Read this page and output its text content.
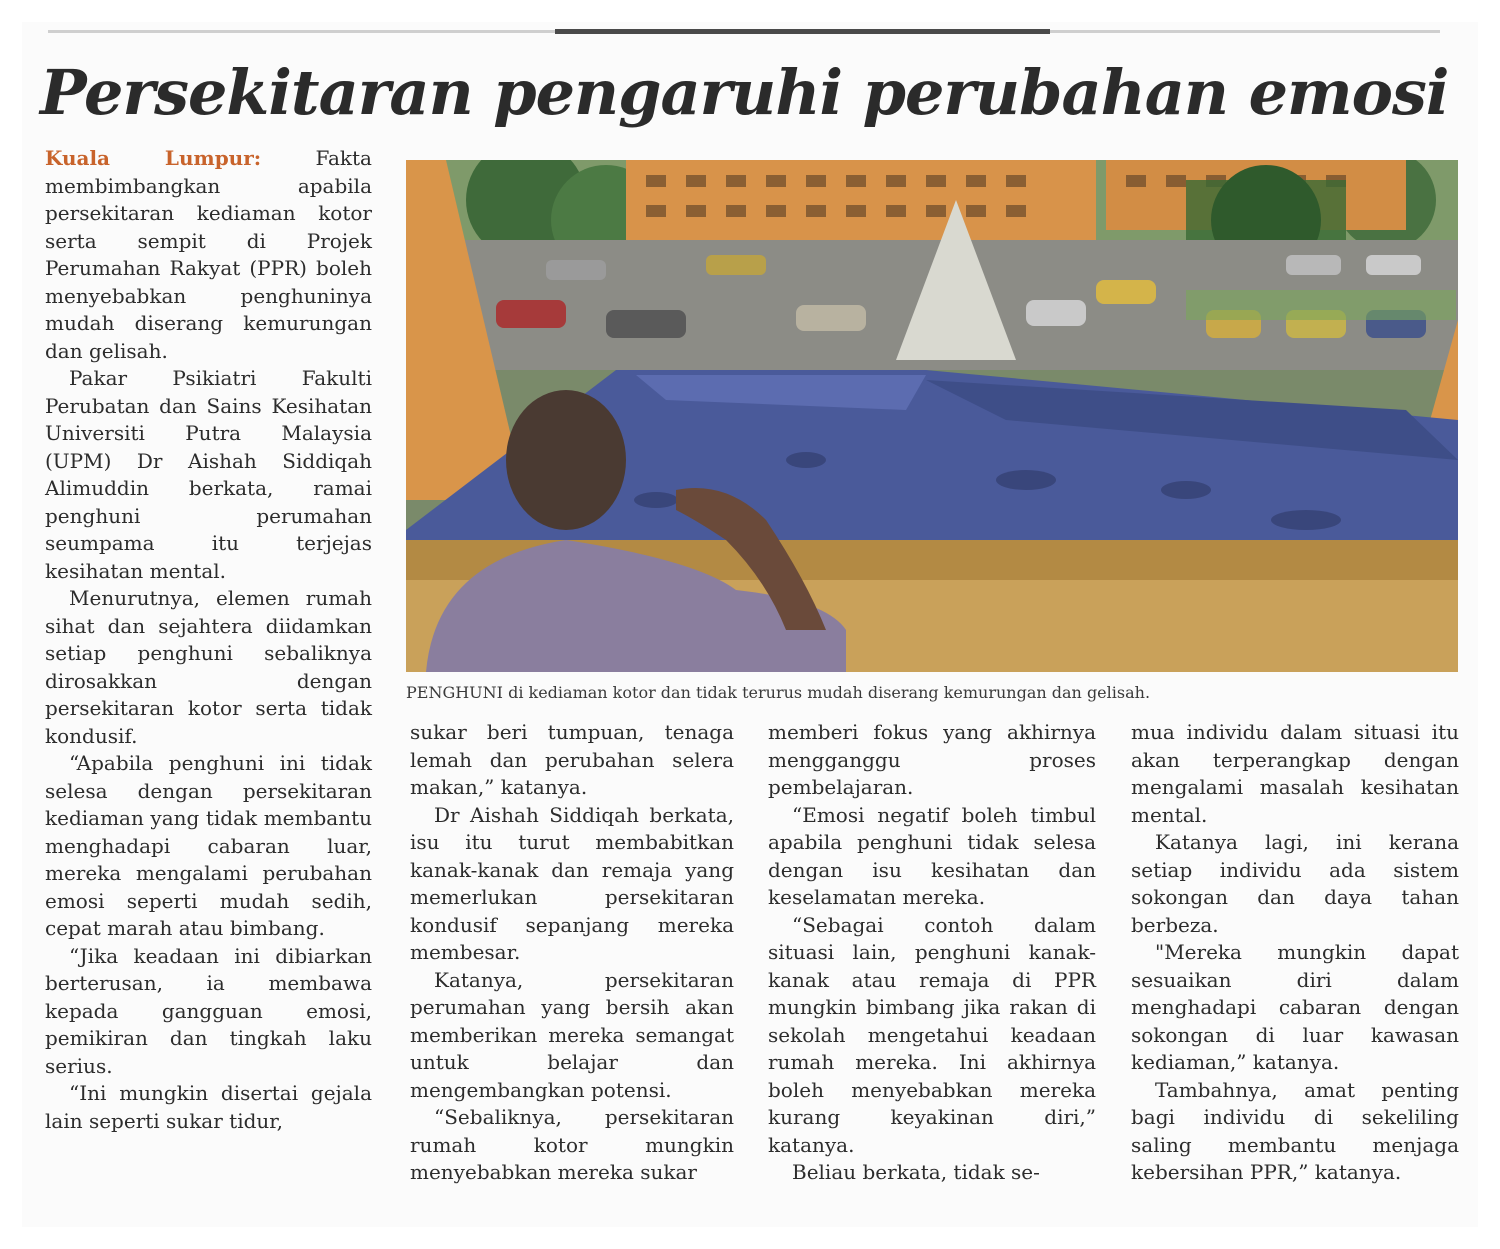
Persekitaran pengaruhi perubahan emosi

Kuala Lumpur: Fakta membimbangkan apabila persekitaran kediaman kotor serta sempit di Projek Perumahan Rakyat (PPR) boleh menyebabkan penghuninya mudah diserang kemurungan dan gelisah.

Pakar Psikiatri Fakulti Perubatan dan Sains Kesihatan Universiti Putra Malaysia (UPM) Dr Aishah Siddiqah Alimuddin berkata, ramai penghuni perumahan seumpama itu terjejas kesihatan mental.

Menurutnya, elemen rumah sihat dan sejahtera diidamkan setiap penghuni sebaliknya dirosakkan dengan persekitaran kotor serta tidak kondusif.

“Apabila penghuni ini tidak selesa dengan persekitaran kediaman yang tidak membantu menghadapi cabaran luar, mereka mengalami perubahan emosi seperti mudah sedih, cepat marah atau bimbang.

“Jika keadaan ini dibiarkan berterusan, ia membawa kepada gangguan emosi, pemikiran dan tingkah laku serius.

“Ini mungkin disertai gejala lain seperti sukar tidur,

PENGHUNI di kediaman kotor dan tidak terurus mudah diserang kemurungan dan gelisah.

sukar beri tumpuan, tenaga lemah dan perubahan selera makan,” katanya.

Dr Aishah Siddiqah berkata, isu itu turut membabitkan kanak-kanak dan remaja yang memerlukan persekitaran kondusif sepanjang mereka membesar.

Katanya, persekitaran perumahan yang bersih akan memberikan mereka semangat untuk belajar dan mengembangkan potensi.

“Sebaliknya, persekitaran rumah kotor mungkin menyebabkan mereka sukar

memberi fokus yang akhirnya mengganggu proses pembelajaran.

“Emosi negatif boleh timbul apabila penghuni tidak selesa dengan isu kesihatan dan keselamatan mereka.

“Sebagai contoh dalam situasi lain, penghuni kanak-kanak atau remaja di PPR mungkin bimbang jika rakan di sekolah mengetahui keadaan rumah mereka. Ini akhirnya boleh menyebabkan mereka kurang keyakinan diri,” katanya.

Beliau berkata, tidak se-

mua individu dalam situasi itu akan terperangkap dengan mengalami masalah kesihatan mental.

Katanya lagi, ini kerana setiap individu ada sistem sokongan dan daya tahan berbeza.

"Mereka mungkin dapat sesuaikan diri dalam menghadapi cabaran dengan sokongan di luar kawasan kediaman,” katanya.

Tambahnya, amat penting bagi individu di sekeliling saling membantu menjaga kebersihan PPR,” katanya.
